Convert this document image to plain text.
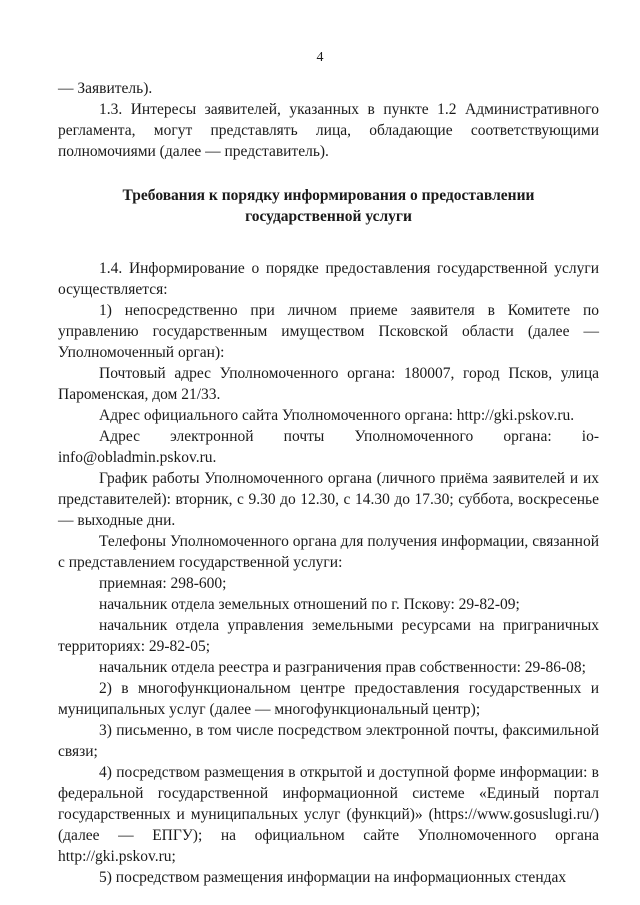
4

— Заявитель).

1.3. Интересы заявителей, указанных в пункте 1.2 Административного регламента, могут представлять лица, обладающие соответствующими полномочиями (далее — представитель).

Требования к порядку информирования о предоставлении государственной услуги

1.4. Информирование о порядке предоставления государственной услуги осуществляется:

1) непосредственно при личном приеме заявителя в Комитете по управлению государственным имуществом Псковской области (далее — Уполномоченный орган):

Почтовый адрес Уполномоченного органа: 180007, город Псков, улица Пароменская, дом 21/33.

Адрес официального сайта Уполномоченного органа: http://gki.pskov.ru.

Адрес электронной почты Уполномоченного органа: io-info@obladmin.pskov.ru.

График работы Уполномоченного органа (личного приёма заявителей и их представителей): вторник, с 9.30 до 12.30, с 14.30 до 17.30; суббота, воскресенье — выходные дни.

Телефоны Уполномоченного органа для получения информации, связанной с представлением государственной услуги:

приемная: 298-600;

начальник отдела земельных отношений по г. Пскову: 29-82-09;

начальник отдела управления земельными ресурсами на приграничных территориях: 29-82-05;

начальник отдела реестра и разграничения прав собственности: 29-86-08;

2) в многофункциональном центре предоставления государственных и муниципальных услуг (далее — многофункциональный центр);

3) письменно, в том числе посредством электронной почты, факсимильной связи;

4) посредством размещения в открытой и доступной форме информации: в федеральной государственной информационной системе «Единый портал государственных и муниципальных услуг (функций)» (https://www.gosuslugi.ru/) (далее — ЕПГУ); на официальном сайте Уполномоченного органа http://gki.pskov.ru;

5) посредством размещения информации на информационных стендах
